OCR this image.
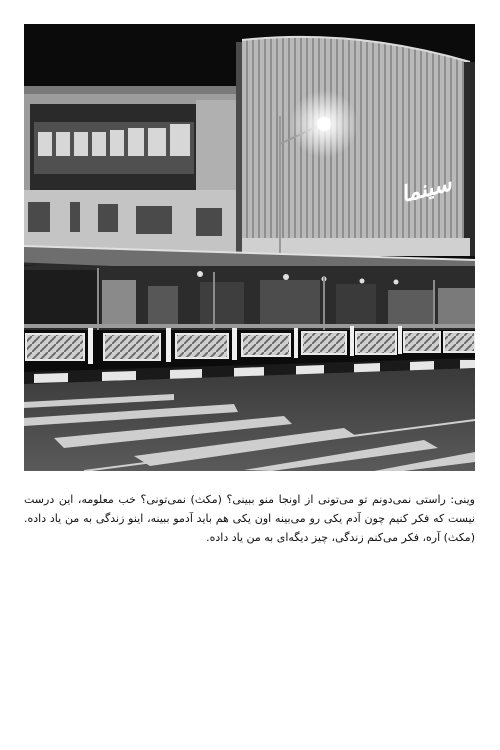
سینما
وینی: راستی نمی‌دونم تو می‌تونی از اونجا منو ببینی؟ (مکث) نمی‌تونی؟ خب معلومه، این درست نیست که فکر کنیم چون آدم یکی رو می‌بینه اون یکی هم باید آدمو ببینه، اینو زندگی به من یاد داده. (مکث) آره، فکر می‌کنم زندگی، چیز دیگه‌ای به من یاد داده.
